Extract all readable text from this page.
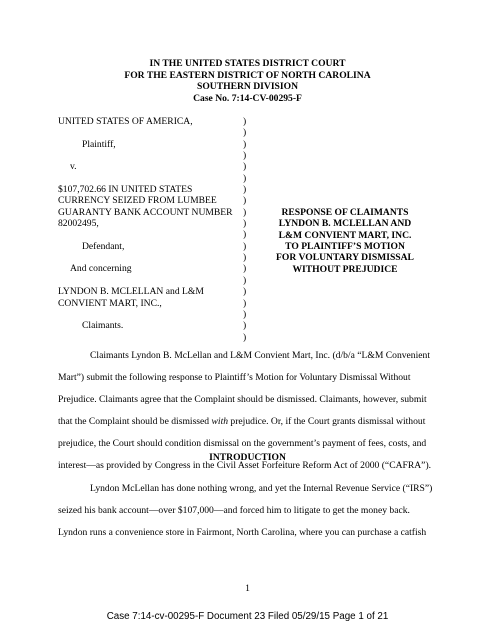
IN THE UNITED STATES DISTRICT COURT
FOR THE EASTERN DISTRICT OF NORTH CAROLINA
SOUTHERN DIVISION
Case No. 7:14-CV-00295-F
UNITED STATES OF AMERICA,
Plaintiff,
v.
$107,702.66 IN UNITED STATES
CURRENCY SEIZED FROM LUMBEE
GUARANTY BANK ACCOUNT NUMBER
82002495,
Defendant,
And concerning
LYNDON B. MCLELLAN and L&M
CONVIENT MART, INC.,
Claimants.
)
)
)
)
)
)
)
)
)
)
)
)
)
)
)
)
)
)
)
)
RESPONSE OF CLAIMANTS
LYNDON B. MCLELLAN AND
L&M CONVIENT MART, INC.
TO PLAINTIFF’S MOTION
FOR VOLUNTARY DISMISSAL
WITHOUT PREJUDICE
Claimants Lyndon B. McLellan and L&M Convient Mart, Inc. (d/b/a “L&M Convenient
Mart”) submit the following response to Plaintiff’s Motion for Voluntary Dismissal Without
Prejudice. Claimants agree that the Complaint should be dismissed. Claimants, however, submit
that the Complaint should be dismissed with prejudice. Or, if the Court grants dismissal without
prejudice, the Court should condition dismissal on the government’s payment of fees, costs, and
interest—as provided by Congress in the Civil Asset Forfeiture Reform Act of 2000 (“CAFRA”).
INTRODUCTION
Lyndon McLellan has done nothing wrong, and yet the Internal Revenue Service (“IRS”)
seized his bank account—over $107,000—and forced him to litigate to get the money back.
Lyndon runs a convenience store in Fairmont, North Carolina, where you can purchase a catfish
1
Case 7:14-cv-00295-F Document 23 Filed 05/29/15 Page 1 of 21
